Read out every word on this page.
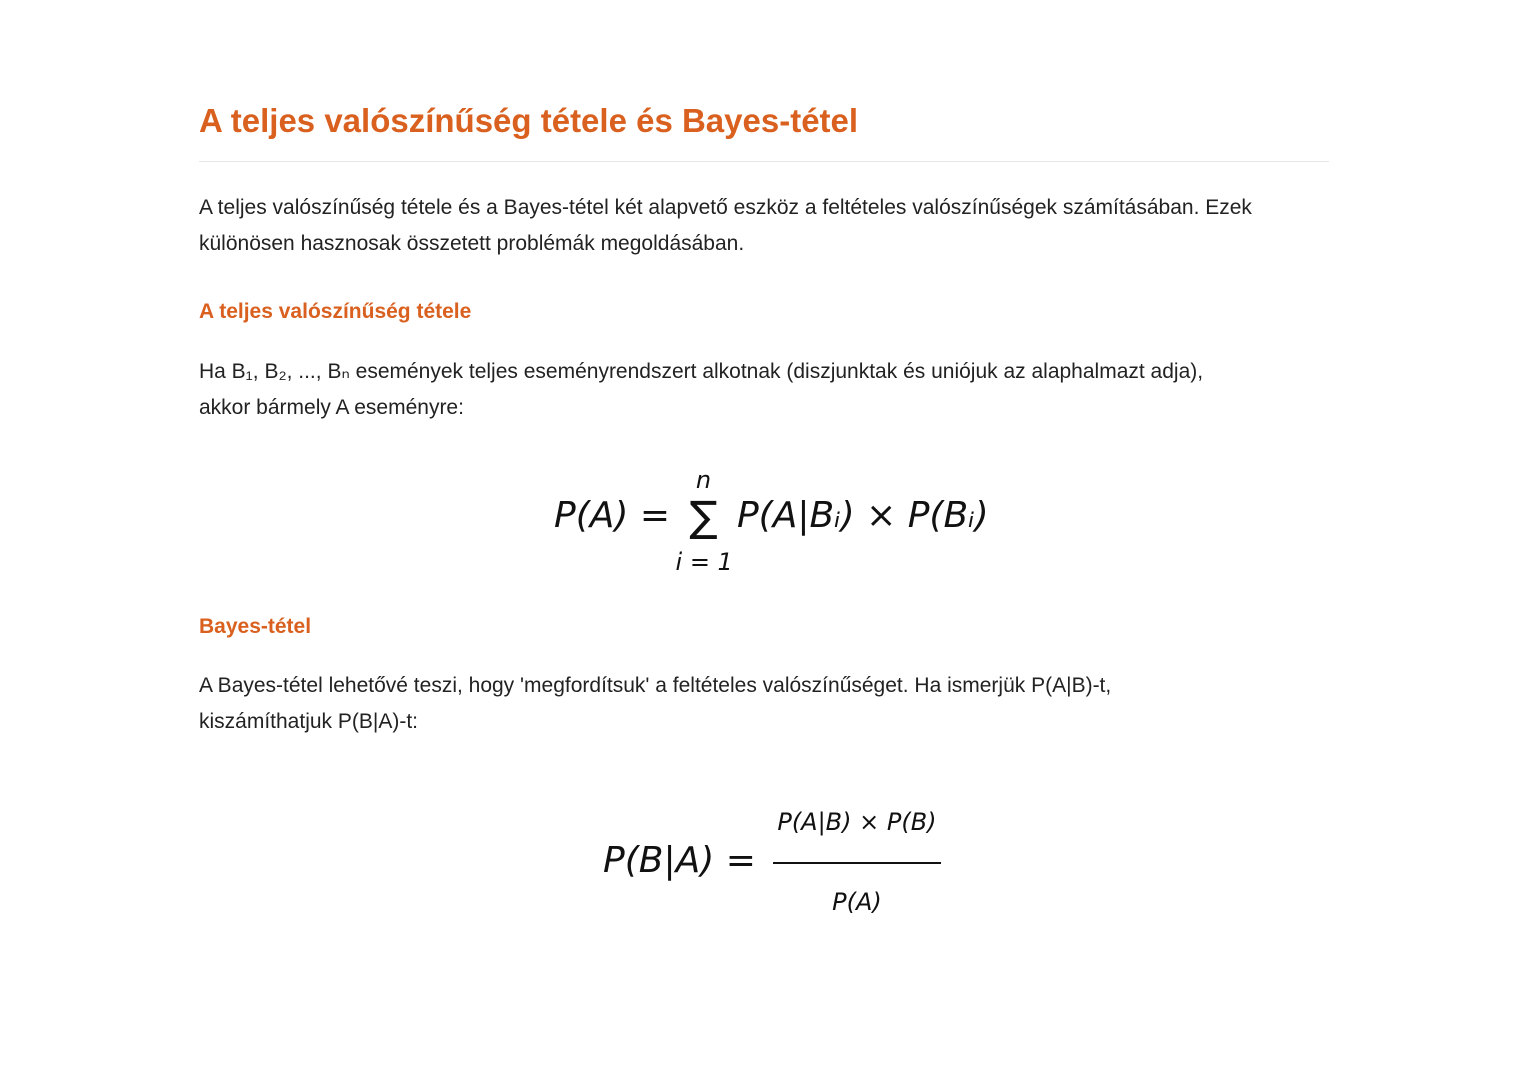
A teljes valószínűség tétele és Bayes-tétel

A teljes valószínűség tétele és a Bayes-tétel két alapvető eszköz a feltételes valószínűségek számításában. Ezek különösen hasznosak összetett problémák megoldásában.

A teljes valószínűség tétele

Ha B₁, B₂, ..., Bₙ események teljes eseményrendszert alkotnak (diszjunktak és uniójuk az alaphalmazt adja),
akkor bármely A eseményre:

P(A) =
n
∑
i = 1
P(A|Bᵢ) × P(Bᵢ)
Bayes-tétel

A Bayes-tétel lehetővé teszi, hogy 'megfordítsuk' a feltételes valószínűséget. Ha ismerjük P(A|B)-t,
kiszámíthatjuk P(B|A)-t:

$P(B|A) = \frac{P(A|B) \times P(B)}{P(A)}$
